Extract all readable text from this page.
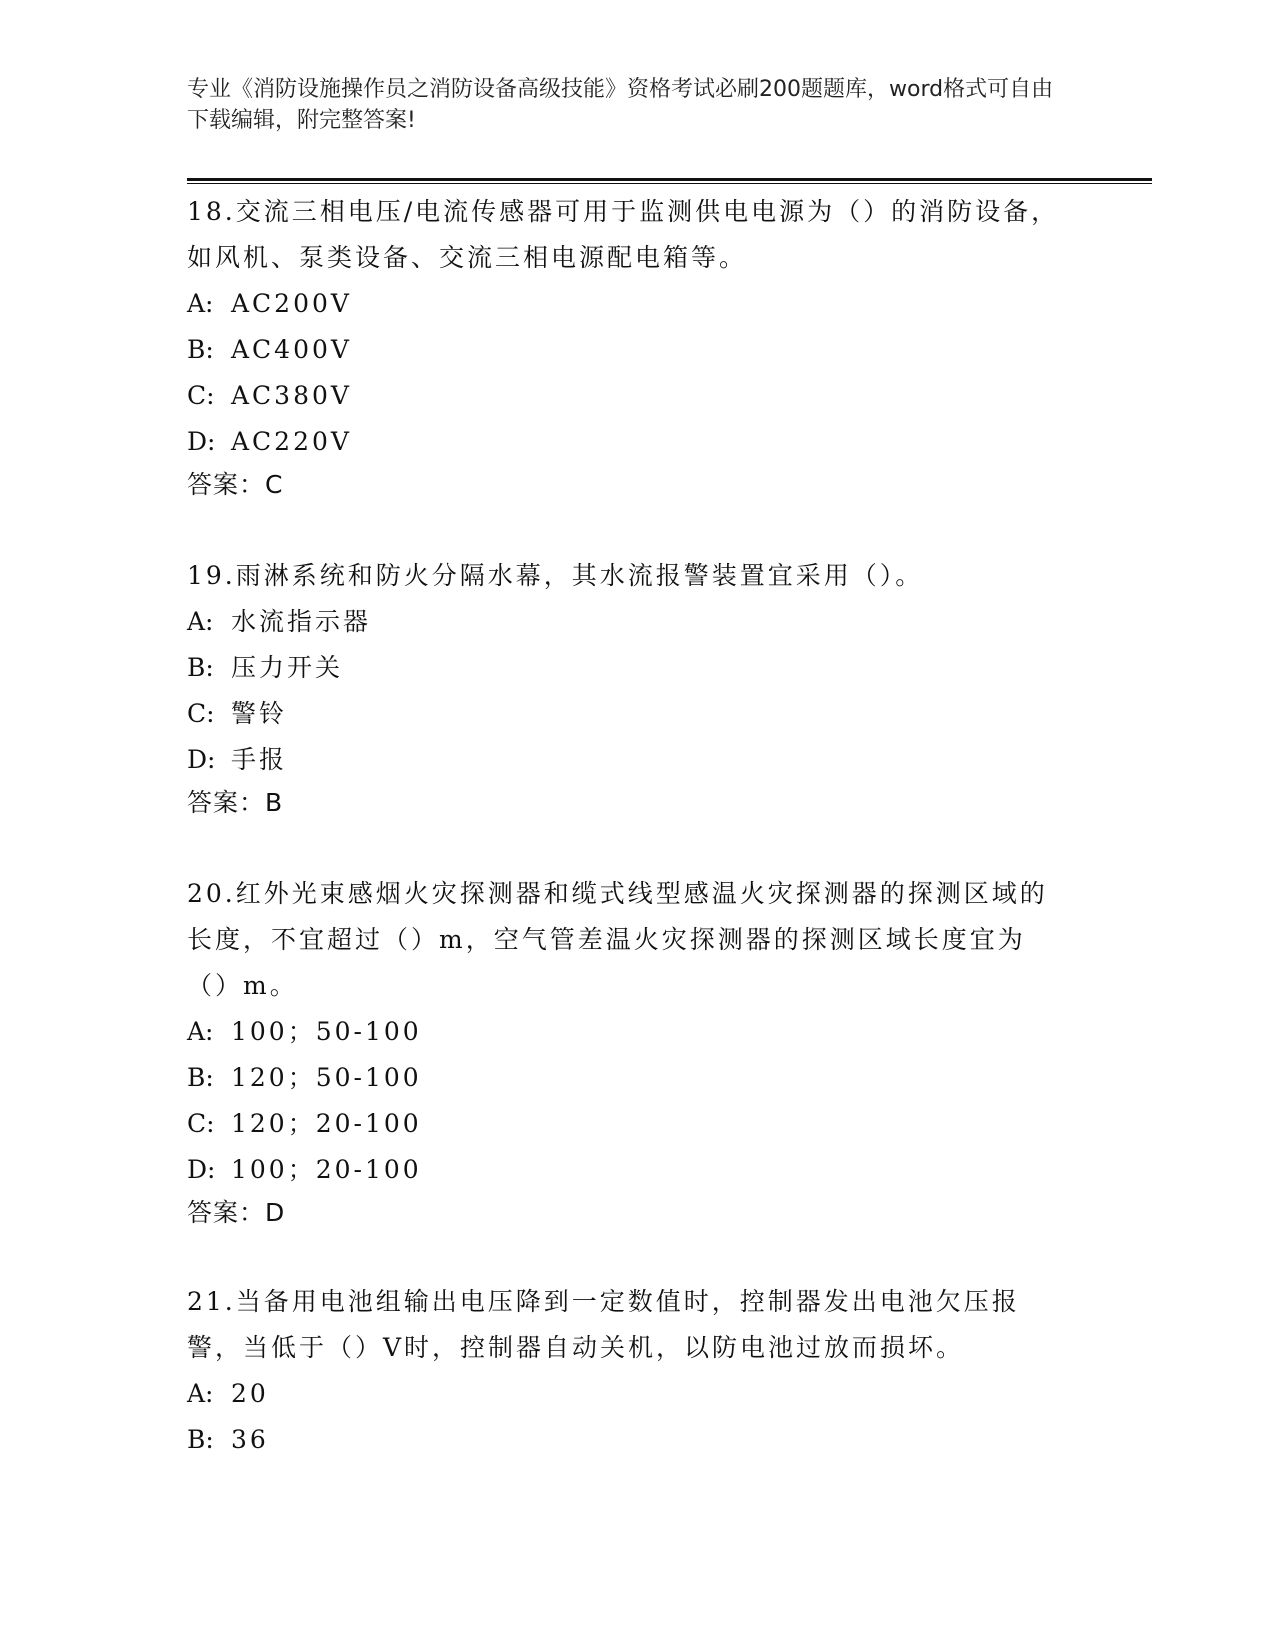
专业《消防设施操作员之消防设备高级技能》资格考试必刷200题题库，word格式可自由下载编辑，附完整答案!

18.交流三相电压/电流传感器可用于监测供电电源为（）的消防设备，如风机、泵类设备、交流三相电源配电箱等。

A: AC200V
B: AC400V
C: AC380V
D: AC220V
答案：C

19.雨淋系统和防火分隔水幕，其水流报警装置宜采用（）。

A: 水流指示器
B: 压力开关
C: 警铃
D: 手报
答案：B

20.红外光束感烟火灾探测器和缆式线型感温火灾探测器的探测区域的长度，不宜超过（）m，空气管差温火灾探测器的探测区域长度宜为（）m。

A: 100；50-100
B: 120；50-100
C: 120；20-100
D: 100；20-100
答案：D

21.当备用电池组输出电压降到一定数值时，控制器发出电池欠压报警，当低于（）V时，控制器自动关机，以防电池过放而损坏。

A: 20
B: 36
